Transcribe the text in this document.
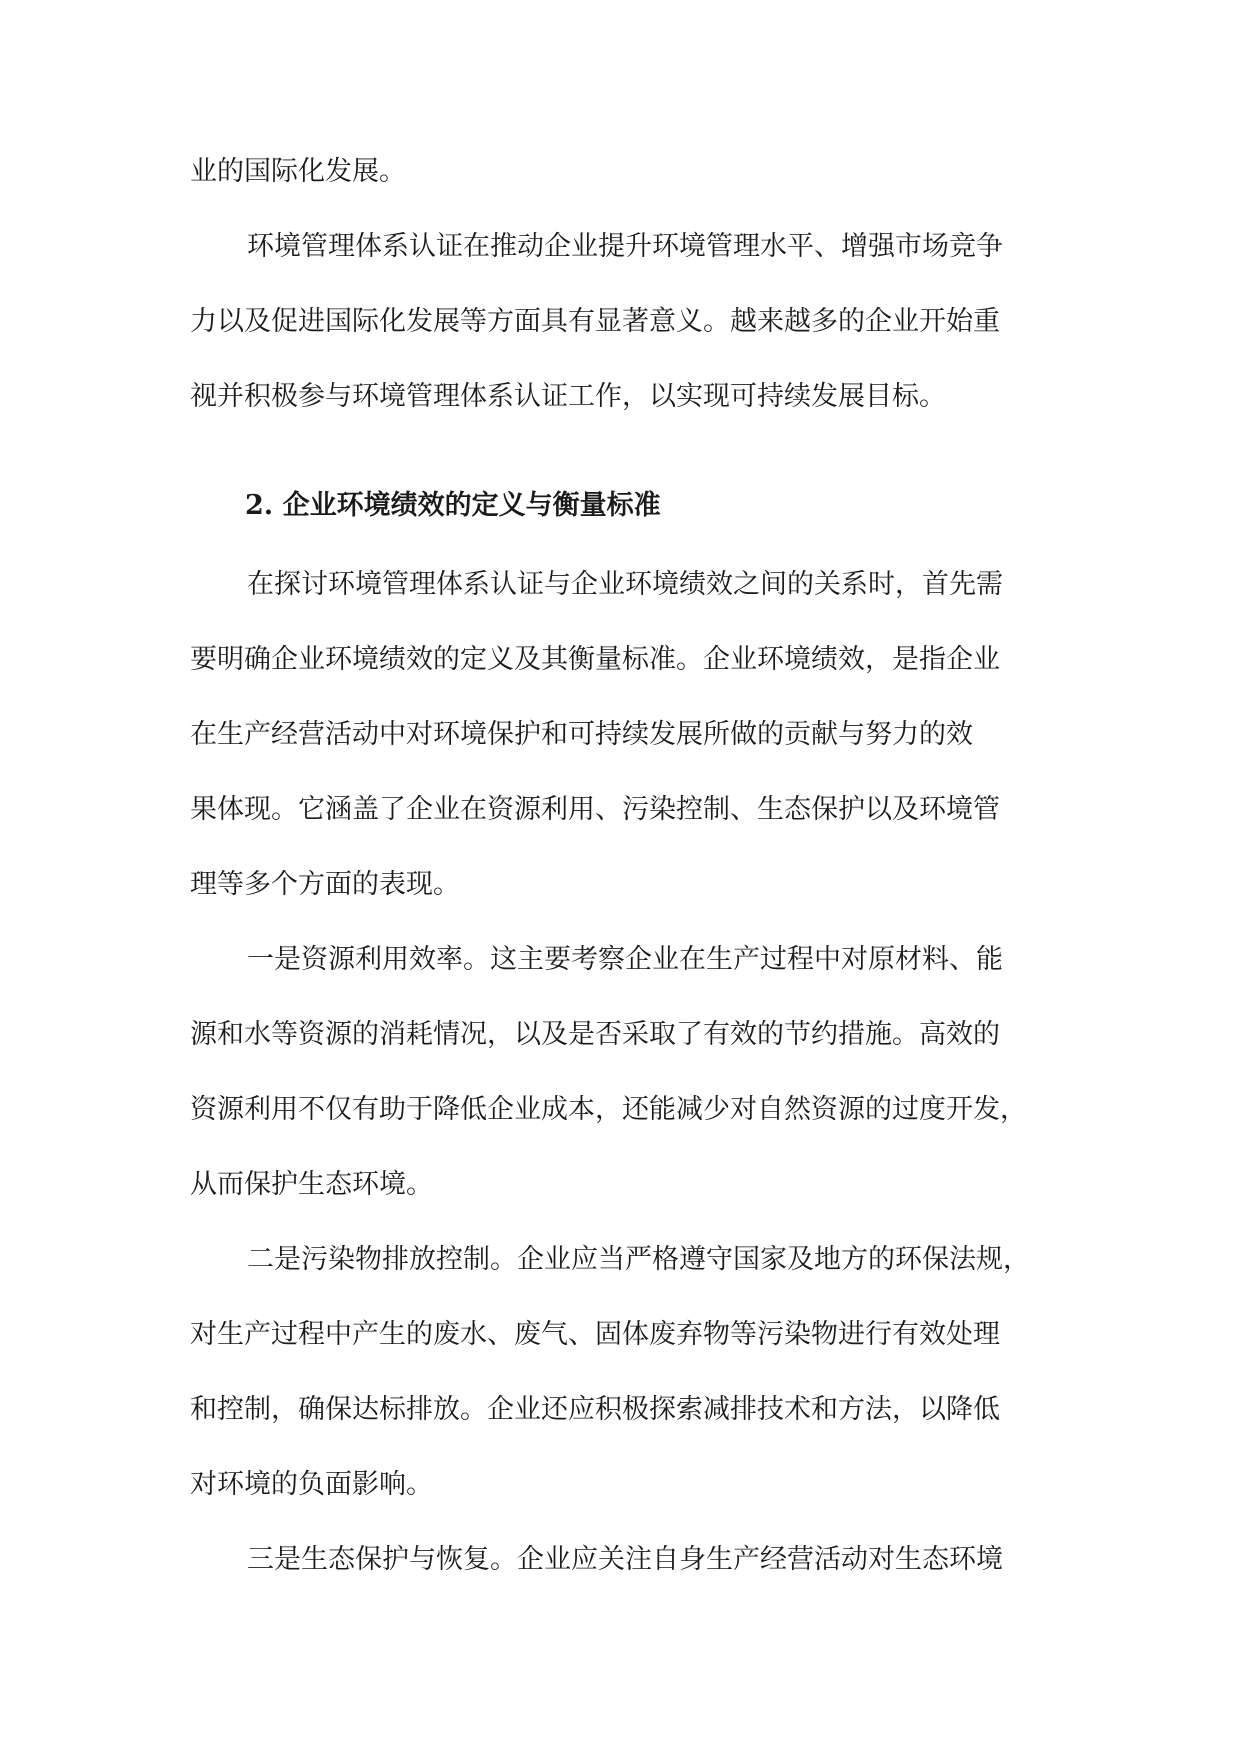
业的国际化发展。
环境管理体系认证在推动企业提升环境管理水平、增强市场竞争
力以及促进国际化发展等方面具有显著意义。越来越多的企业开始重
视并积极参与环境管理体系认证工作，以实现可持续发展目标。
2. 企业环境绩效的定义与衡量标准
在探讨环境管理体系认证与企业环境绩效之间的关系时，首先需
要明确企业环境绩效的定义及其衡量标准。企业环境绩效，是指企业
在生产经营活动中对环境保护和可持续发展所做的贡献与努力的效
果体现。它涵盖了企业在资源利用、污染控制、生态保护以及环境管
理等多个方面的表现。
一是资源利用效率。这主要考察企业在生产过程中对原材料、能
源和水等资源的消耗情况，以及是否采取了有效的节约措施。高效的
资源利用不仅有助于降低企业成本，还能减少对自然资源的过度开发，
从而保护生态环境。
二是污染物排放控制。企业应当严格遵守国家及地方的环保法规，
对生产过程中产生的废水、废气、固体废弃物等污染物进行有效处理
和控制，确保达标排放。企业还应积极探索减排技术和方法，以降低
对环境的负面影响。
三是生态保护与恢复。企业应关注自身生产经营活动对生态环境
